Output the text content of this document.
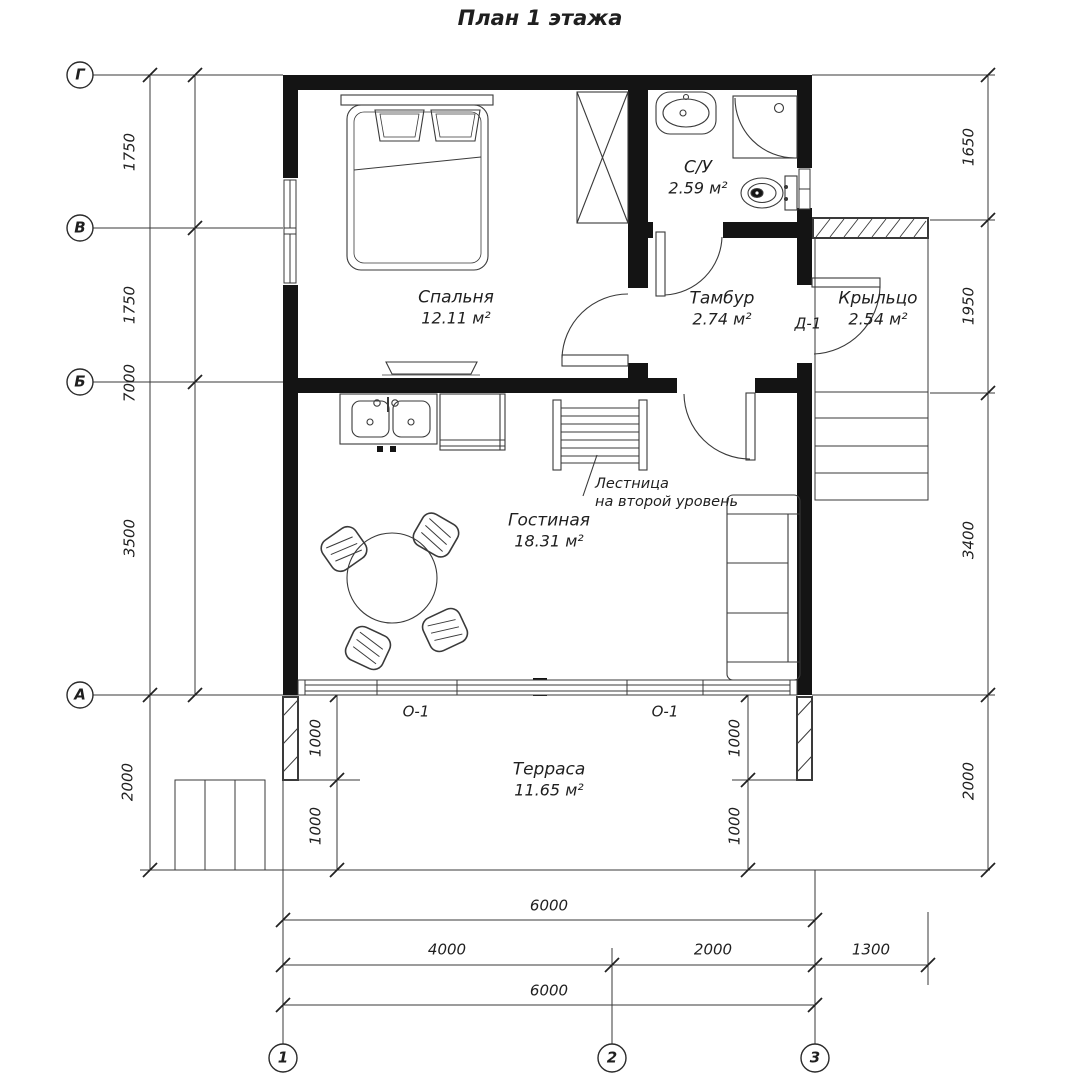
План 1 этажа
Г
В
Б
А
1	2	3
1750
1750
7000
3500
2000
1650
1950
3400
2000
1000
1000
1000
1000
6000
4000	2000	1300
6000
Спальня
12.11 м²
С/У
2.59 м²
Тамбур
2.74 м²
Крыльцо
2.54 м²
Гостиная
18.31 м²
Терраса
11.65 м²
О-1	О-1
Д-1
Лестница
на второй уровень
